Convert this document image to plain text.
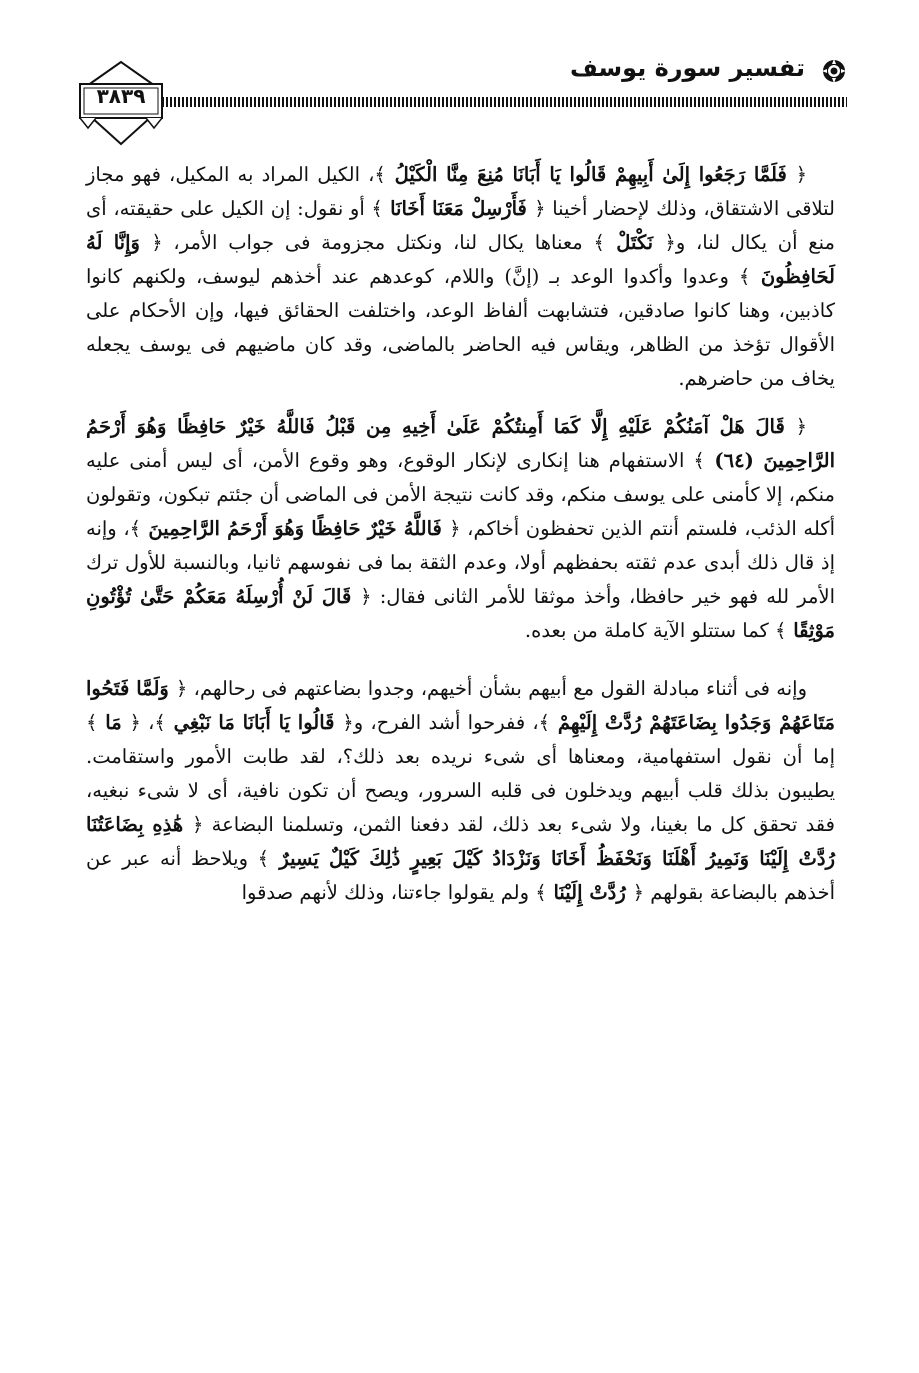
تفسير سورة يوسف
٣٨٣٩

﴿ فَلَمَّا رَجَعُوا إِلَىٰ أَبِيهِمْ قَالُوا يَا أَبَانَا مُنِعَ مِنَّا الْكَيْلُ ﴾، الكيل المراد به المكيل، فهو مجاز لتلاقى الاشتقاق، وذلك لإحضار أخينا ﴿ فَأَرْسِلْ مَعَنَا أَخَانَا ﴾ أو نقول: إن الكيل على حقيقته، أى منع أن يكال لنا، و﴿ نَكْتَلْ ﴾ معناها يكال لنا، ونكتل مجزومة فى جواب الأمر، ﴿ وَإِنَّا لَهُ لَحَافِظُونَ ﴾ وعدوا وأكدوا الوعد بـ (إنَّ) واللام، كوعدهم عند أخذهم ليوسف، ولكنهم كانوا كاذبين، وهنا كانوا صادقين، فتشابهت ألفاظ الوعد، واختلفت الحقائق فيها، وإن الأحكام على الأقوال تؤخذ من الظاهر، ويقاس فيه الحاضر بالماضى، وقد كان ماضيهم فى يوسف يجعله يخاف من حاضرهم.

﴿ قَالَ هَلْ آمَنُكُمْ عَلَيْهِ إِلَّا كَمَا أَمِنتُكُمْ عَلَىٰ أَخِيهِ مِن قَبْلُ فَاللَّهُ خَيْرٌ حَافِظًا وَهُوَ أَرْحَمُ الرَّاحِمِينَ (٦٤) ﴾ الاستفهام هنا إنكارى لإنكار الوقوع، وهو وقوع الأمن، أى ليس أمنى عليه منكم، إلا كأمنى على يوسف منكم، وقد كانت نتيجة الأمن فى الماضى أن جئتم تبكون، وتقولون أكله الذئب، فلستم أنتم الذين تحفظون أخاكم، ﴿ فَاللَّهُ خَيْرٌ حَافِظًا وَهُوَ أَرْحَمُ الرَّاحِمِينَ ﴾، وإنه إذ قال ذلك أبدى عدم ثقته بحفظهم أولا، وعدم الثقة بما فى نفوسهم ثانيا، وبالنسبة للأول ترك الأمر لله فهو خير حافظا، وأخذ موثقا للأمر الثانى فقال: ﴿ قَالَ لَنْ أُرْسِلَهُ مَعَكُمْ حَتَّىٰ تُؤْتُونِ مَوْثِقًا ﴾ كما ستتلو الآية كاملة من بعده.

وإنه فى أثناء مبادلة القول مع أبيهم بشأن أخيهم، وجدوا بضاعتهم فى رحالهم، ﴿ وَلَمَّا فَتَحُوا مَتَاعَهُمْ وَجَدُوا بِضَاعَتَهُمْ رُدَّتْ إِلَيْهِمْ ﴾، ففرحوا أشد الفرح، و﴿ قَالُوا يَا أَبَانَا مَا نَبْغِي ﴾، ﴿ مَا ﴾ إما أن نقول استفهامية، ومعناها أى شىء نريده بعد ذلك؟، لقد طابت الأمور واستقامت. يطيبون بذلك قلب أبيهم ويدخلون فى قلبه السرور، ويصح أن تكون نافية، أى لا شىء نبغيه، فقد تحقق كل ما بغينا، ولا شىء بعد ذلك، لقد دفعنا الثمن، وتسلمنا البضاعة ﴿ هَٰذِهِ بِضَاعَتُنَا رُدَّتْ إِلَيْنَا وَنَمِيرُ أَهْلَنَا وَنَحْفَظُ أَخَانَا وَنَزْدَادُ كَيْلَ بَعِيرٍ ذَٰلِكَ كَيْلٌ يَسِيرٌ ﴾ ويلاحظ أنه عبر عن أخذهم بالبضاعة بقولهم ﴿ رُدَّتْ إِلَيْنَا ﴾ ولم يقولوا جاءتنا، وذلك لأنهم صدقوا
